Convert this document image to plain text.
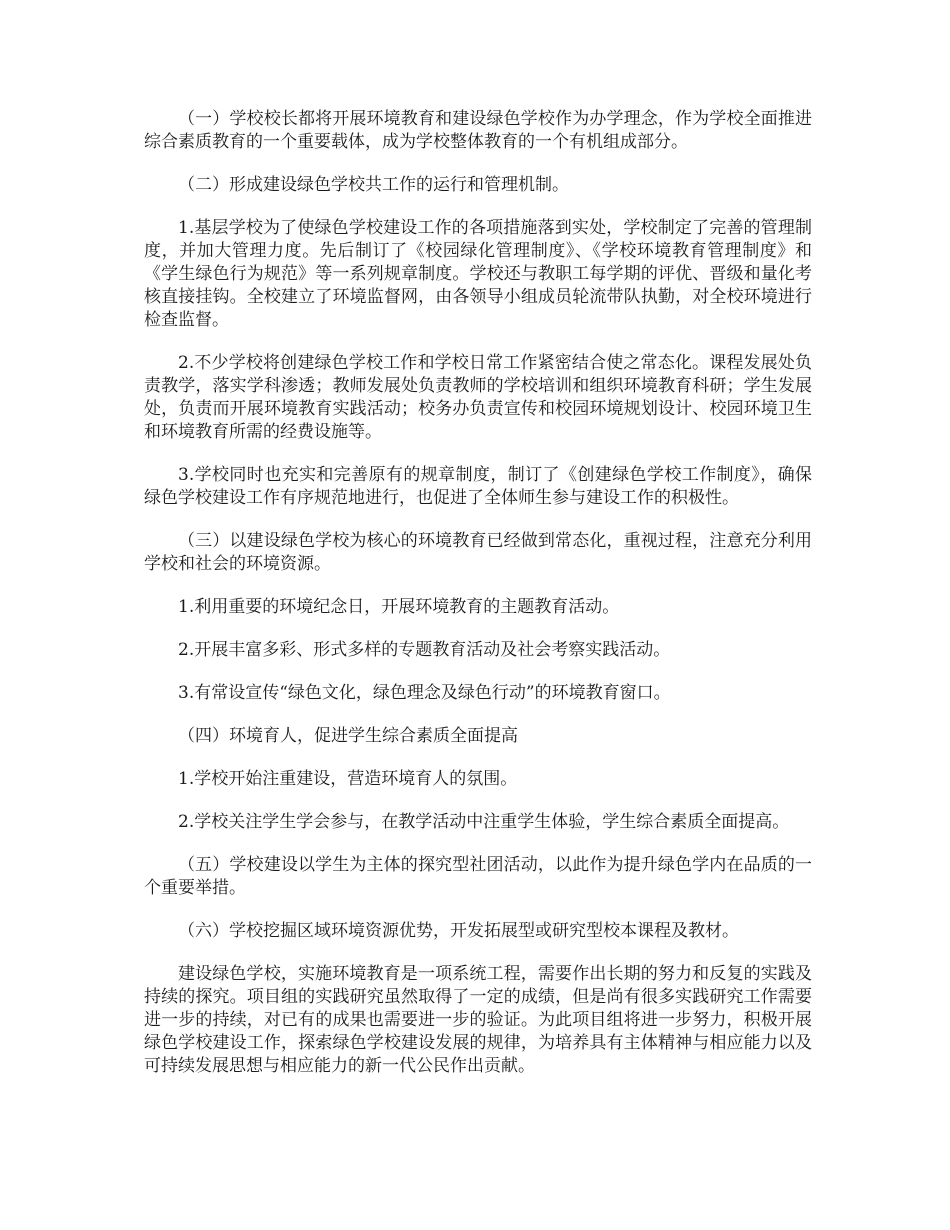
（一）学校校长都将开展环境教育和建设绿色学校作为办学理念，作为学校全面推进综合素质教育的一个重要载体，成为学校整体教育的一个有机组成部分。

（二）形成建设绿色学校共工作的运行和管理机制。

1.基层学校为了使绿色学校建设工作的各项措施落到实处，学校制定了完善的管理制度，并加大管理力度。先后制订了《校园绿化管理制度》、《学校环境教育管理制度》和《学生绿色行为规范》等一系列规章制度。学校还与教职工每学期的评优、晋级和量化考核直接挂钩。全校建立了环境监督网，由各领导小组成员轮流带队执勤，对全校环境进行检查监督。

2.不少学校将创建绿色学校工作和学校日常工作紧密结合使之常态化。课程发展处负责教学，落实学科渗透；教师发展处负责教师的学校培训和组织环境教育科研；学生发展处，负责而开展环境教育实践活动；校务办负责宣传和校园环境规划设计、校园环境卫生和环境教育所需的经费设施等。

3.学校同时也充实和完善原有的规章制度，制订了《创建绿色学校工作制度》，确保绿色学校建设工作有序规范地进行，也促进了全体师生参与建设工作的积极性。

（三）以建设绿色学校为核心的环境教育已经做到常态化，重视过程，注意充分利用学校和社会的环境资源。

1.利用重要的环境纪念日，开展环境教育的主题教育活动。

2.开展丰富多彩、形式多样的专题教育活动及社会考察实践活动。

3.有常设宣传“绿色文化，绿色理念及绿色行动”的环境教育窗口。

（四）环境育人，促进学生综合素质全面提高

1.学校开始注重建设，营造环境育人的氛围。

2.学校关注学生学会参与，在教学活动中注重学生体验，学生综合素质全面提高。

（五）学校建设以学生为主体的探究型社团活动，以此作为提升绿色学内在品质的一个重要举措。

（六）学校挖掘区域环境资源优势，开发拓展型或研究型校本课程及教材。

建设绿色学校，实施环境教育是一项系统工程，需要作出长期的努力和反复的实践及持续的探究。项目组的实践研究虽然取得了一定的成绩，但是尚有很多实践研究工作需要进一步的持续，对已有的成果也需要进一步的验证。为此项目组将进一步努力，积极开展绿色学校建设工作，探索绿色学校建设发展的规律，为培养具有主体精神与相应能力以及可持续发展思想与相应能力的新一代公民作出贡献。
